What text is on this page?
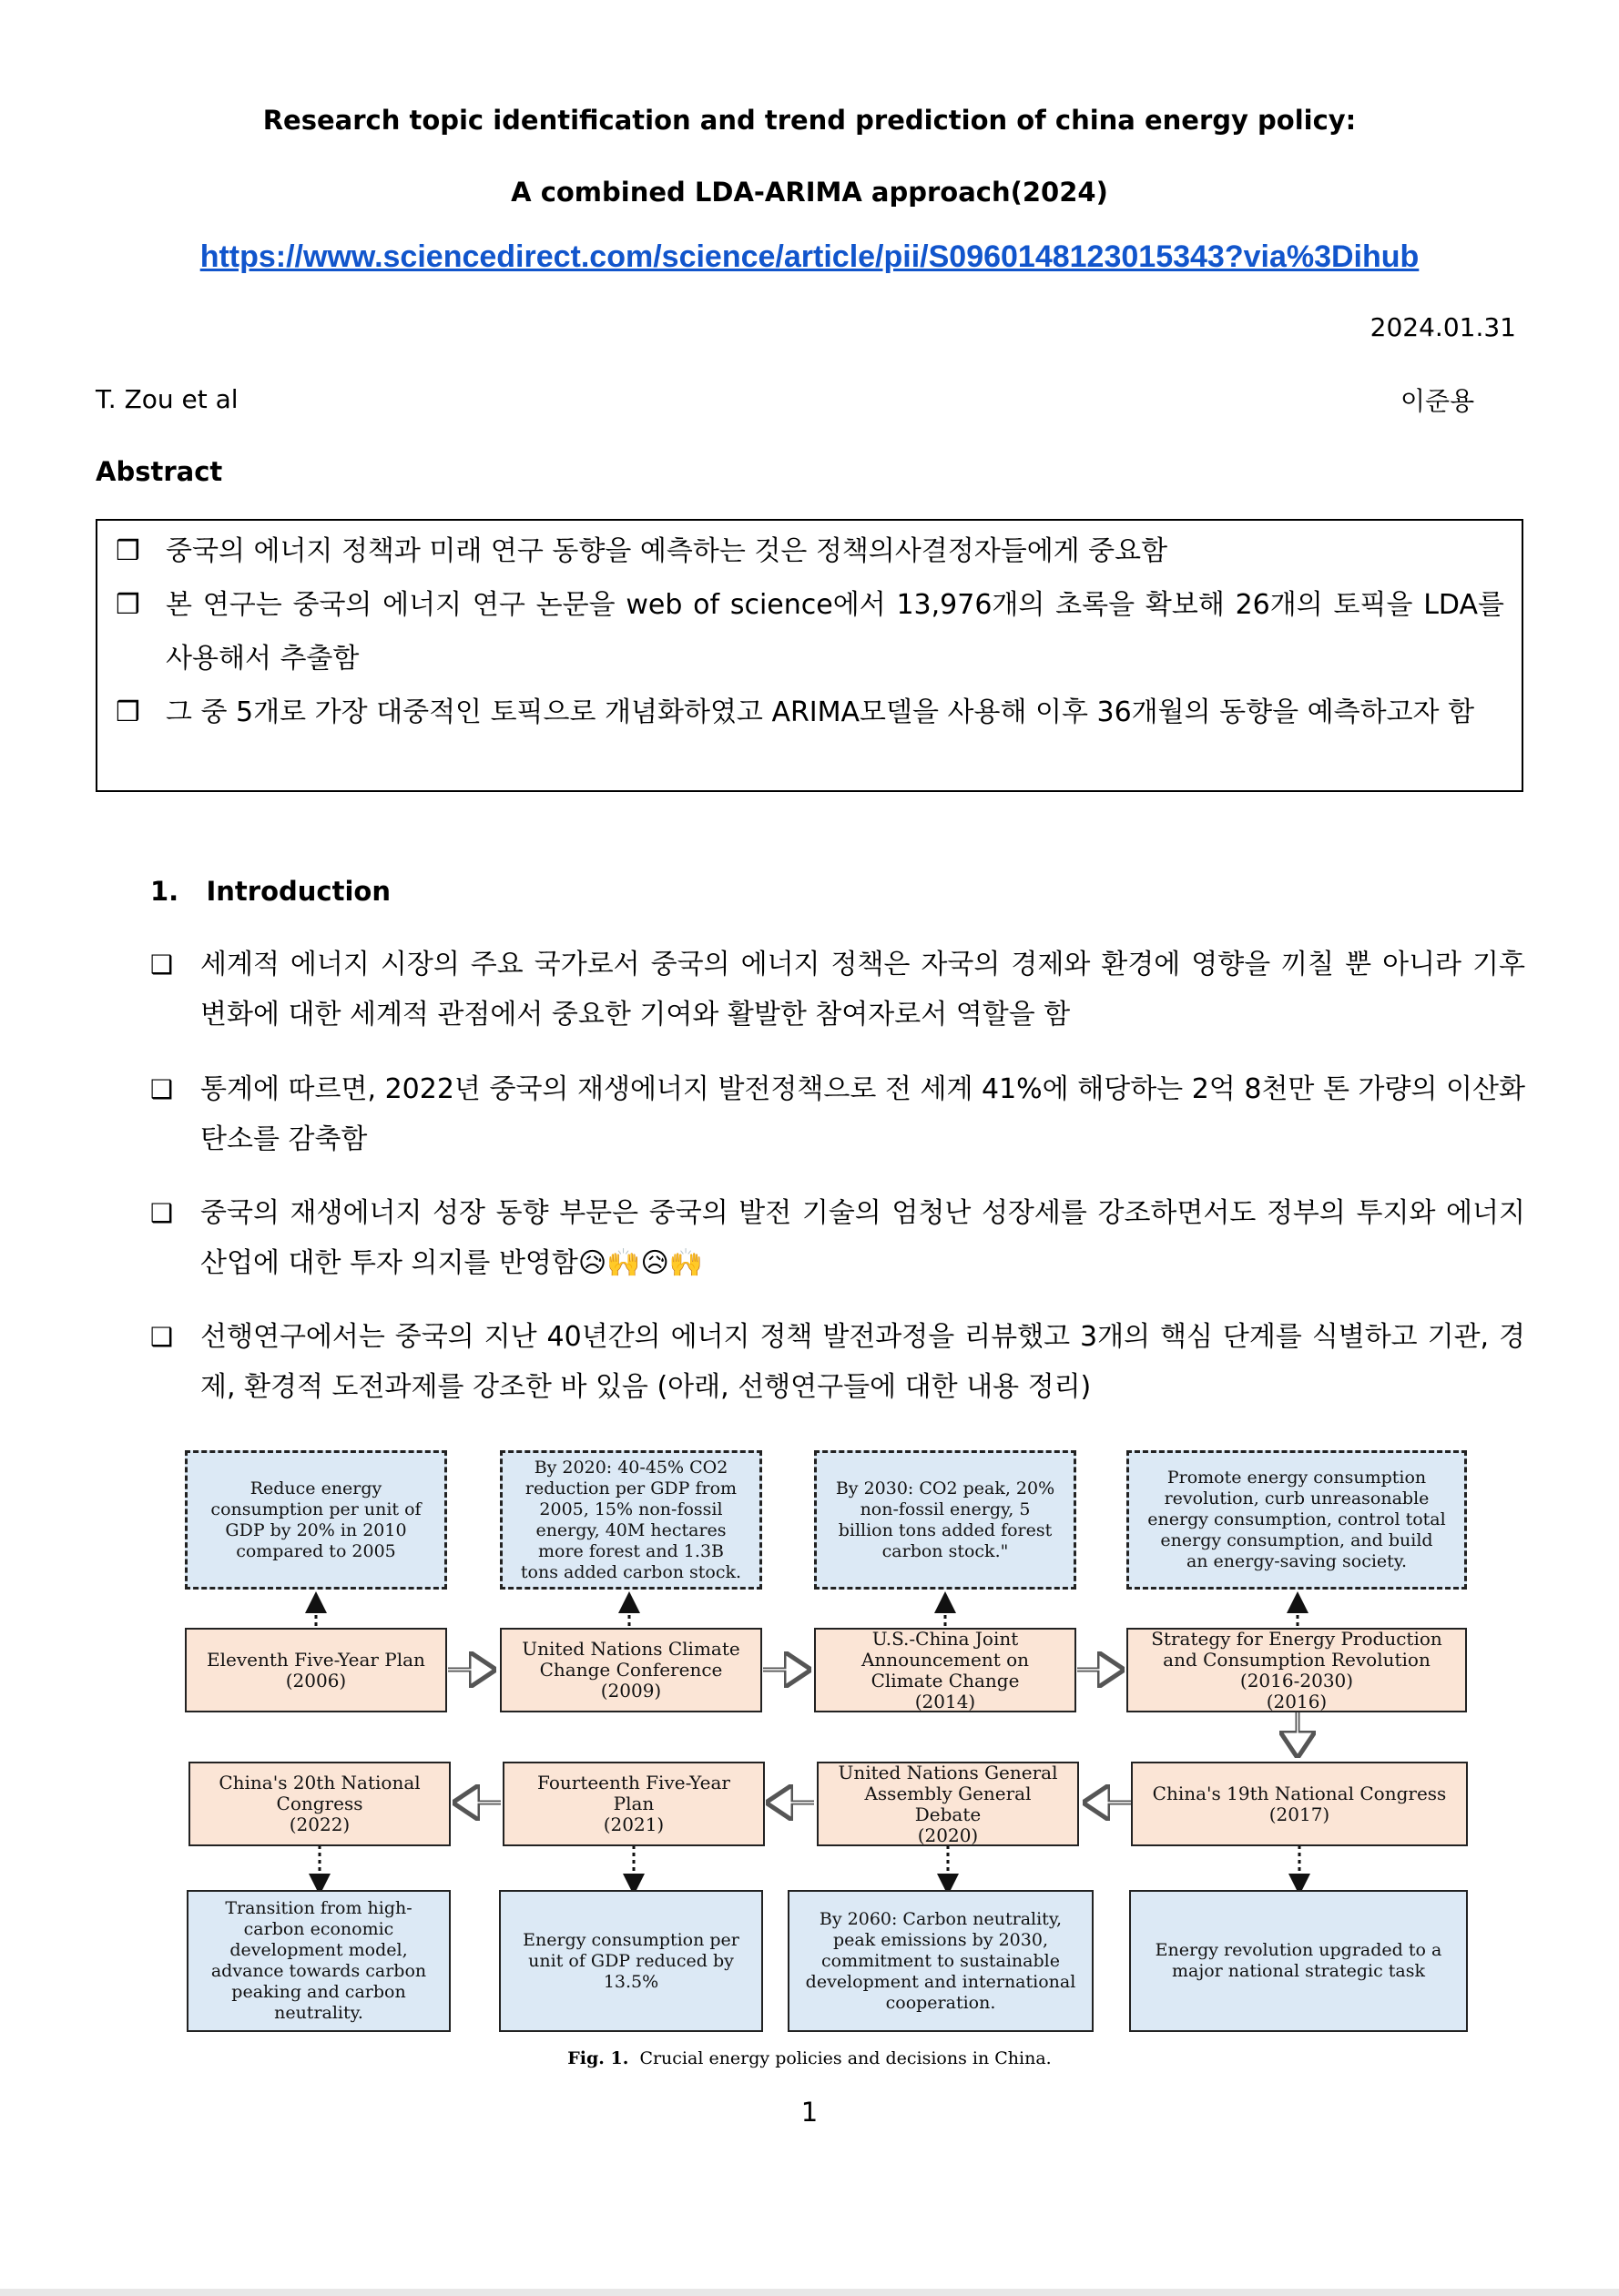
Research topic identification and trend prediction of china energy policy:
A combined LDA-ARIMA approach(2024)
https://www.sciencedirect.com/science/article/pii/S0960148123015343?via%3Dihub
2024.01.31
T. Zou et al	이준용
Abstract
❒ 중국의 에너지 정책과 미래 연구 동향을 예측하는 것은 정책의사결정자들에게 중요함
❒ 본 연구는 중국의 에너지 연구 논문을 web of science에서 13,976개의 초록을 확보해 26개의 토픽을 LDA를 사용해서 추출함
❒ 그 중 5개로 가장 대중적인 토픽으로 개념화하였고 ARIMA모델을 사용해 이후 36개월의 동향을 예측하고자 함
1.   Introduction
❑ 세계적 에너지 시장의 주요 국가로서 중국의 에너지 정책은 자국의 경제와 환경에 영향을 끼칠 뿐 아니라 기후 변화에 대한 세계적 관점에서 중요한 기여와 활발한 참여자로서 역할을 함
❑ 통계에 따르면, 2022년 중국의 재생에너지 발전정책으로 전 세계 41%에 해당하는 2억 8천만 톤 가량의 이산화탄소를 감축함
❑ 중국의 재생에너지 성장 동향 부문은 중국의 발전 기술의 엄청난 성장세를 강조하면서도 정부의 투지와 에너지 산업에 대한 투자 의지를 반영함😥🙌😥🙌
❑ 선행연구에서는 중국의 지난 40년간의 에너지 정책 발전과정을 리뷰했고 3개의 핵심 단계를 식별하고 기관, 경제, 환경적 도전과제를 강조한 바 있음 (아래, 선행연구들에 대한 내용 정리)
Reduce energy
consumption per unit of
GDP by 20% in 2010
compared to 2005
By 2020: 40-45% CO2
reduction per GDP from
2005, 15% non-fossil
energy, 40M hectares
more forest and 1.3B
tons added carbon stock.
By 2030: CO2 peak, 20%
non-fossil energy, 5
billion tons added forest
carbon stock."
Promote energy consumption
revolution, curb unreasonable
energy consumption, control total
energy consumption, and build
an energy-saving society.
Eleventh Five-Year Plan
(2006)
United Nations Climate
Change Conference
(2009)
U.S.-China Joint
Announcement on
Climate Change
(2014)
Strategy for Energy Production
and Consumption Revolution
(2016-2030)
(2016)
China's 20th National
Congress
(2022)
Fourteenth Five-Year
Plan
(2021)
United Nations General
Assembly General
Debate
(2020)
China's 19th National Congress
(2017)
Transition from high-
carbon economic
development model,
advance towards carbon
peaking and carbon
neutrality.
Energy consumption per
unit of GDP reduced by
13.5%
By 2060: Carbon neutrality,
peak emissions by 2030,
commitment to sustainable
development and international
cooperation.
Energy revolution upgraded to a
major national strategic task
Fig. 1. Crucial energy policies and decisions in China.
1
